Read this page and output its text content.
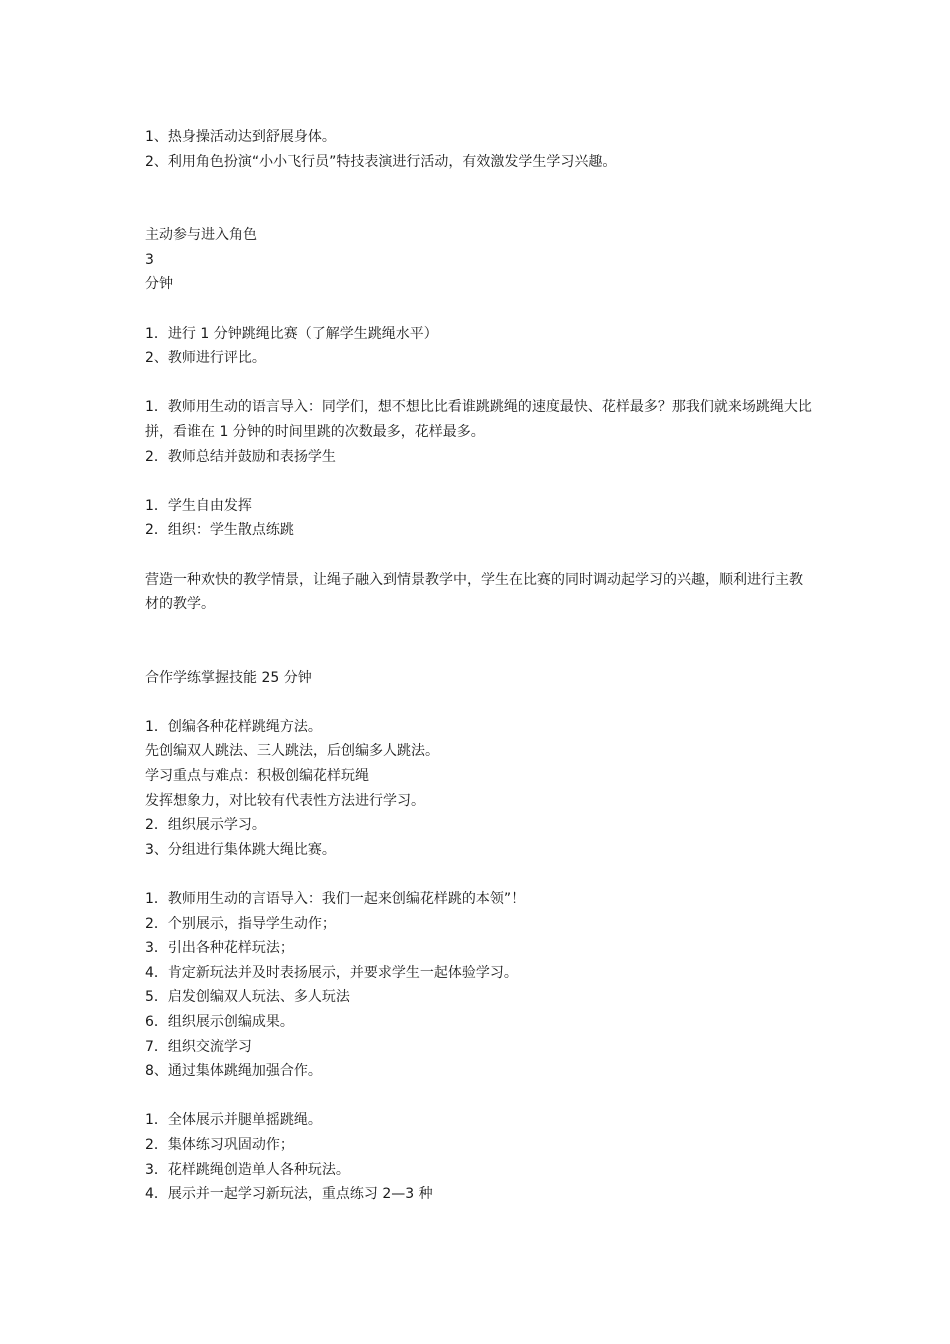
1、热身操活动达到舒展身体。
2、利用角色扮演“小小飞行员”特技表演进行活动，有效激发学生学习兴趣。
主动参与进入角色
3
分钟
1．进行 1 分钟跳绳比赛（了解学生跳绳水平）
2、教师进行评比。
1．教师用生动的语言导入：同学们，想不想比比看谁跳跳绳的速度最快、花样最多？那我们就来场跳绳大比拼，看谁在 1 分钟的时间里跳的次数最多，花样最多。
2．教师总结并鼓励和表扬学生
1．学生自由发挥
2．组织：学生散点练跳
营造一种欢快的教学情景，让绳子融入到情景教学中，学生在比赛的同时调动起学习的兴趣，顺利进行主教材的教学。
合作学练掌握技能 25 分钟
1．创编各种花样跳绳方法。
先创编双人跳法、三人跳法，后创编多人跳法。
学习重点与难点：积极创编花样玩绳
发挥想象力，对比较有代表性方法进行学习。
2．组织展示学习。
3、分组进行集体跳大绳比赛。
1．教师用生动的言语导入：我们一起来创编花样跳的本领”！
2．个别展示，指导学生动作；
3．引出各种花样玩法；
4．肯定新玩法并及时表扬展示，并要求学生一起体验学习。
5．启发创编双人玩法、多人玩法
6．组织展示创编成果。
7．组织交流学习
8、通过集体跳绳加强合作。
1．全体展示并腿单摇跳绳。
2．集体练习巩固动作；
3．花样跳绳创造单人各种玩法。
4．展示并一起学习新玩法，重点练习 2—3 种
